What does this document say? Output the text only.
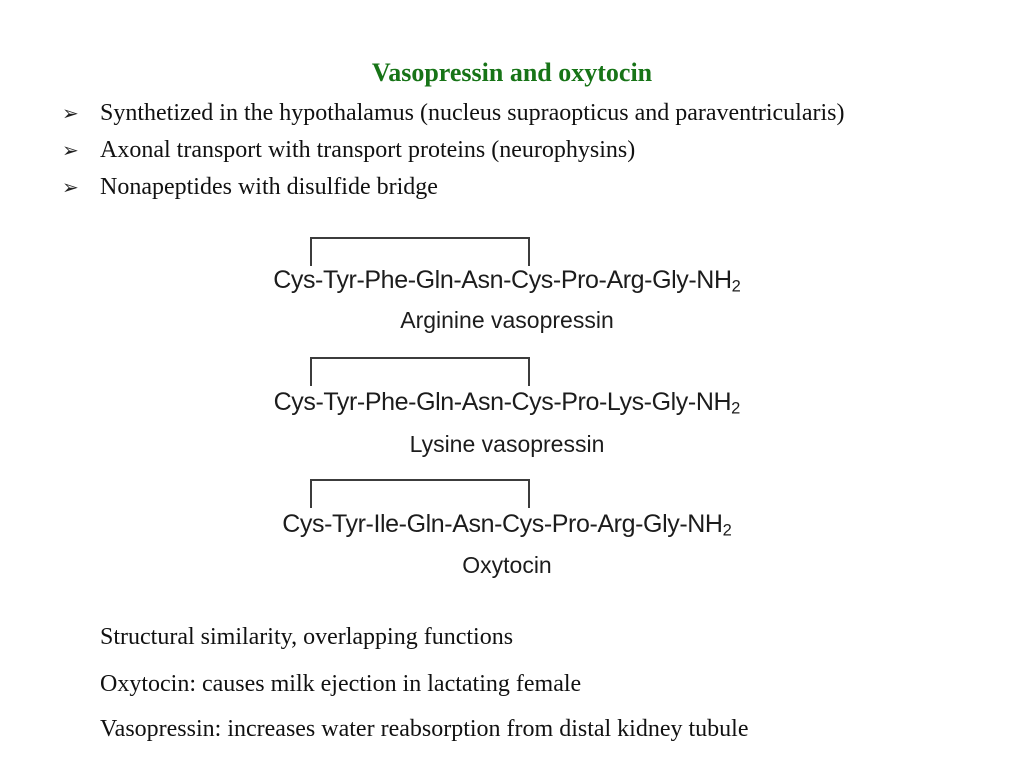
Vasopressin and oxytocin
➢ Synthetized in the hypothalamus (nucleus supraopticus and paraventricularis)
➢ Axonal transport with transport proteins (neurophysins)
➢ Nonapeptides with disulfide bridge
Cys-$Tyr-Phe-Gln-Asn-Cys-Pro-Arg-Gly-NH_2$
Arginine vasopressin
Cys-$Tyr-Phe-Gln-Asn-Cys-Pro-Lys-Gly-NH_2$
Lysine vasopressin
Cys-$Tyr-Ile-Gln-Asn-Cys-Pro-Arg-Gly-NH_2$
Oxytocin
Structural similarity, overlapping functions
Oxytocin: causes milk ejection in lactating female
Vasopressin: increases water reabsorption from distal kidney tubule
